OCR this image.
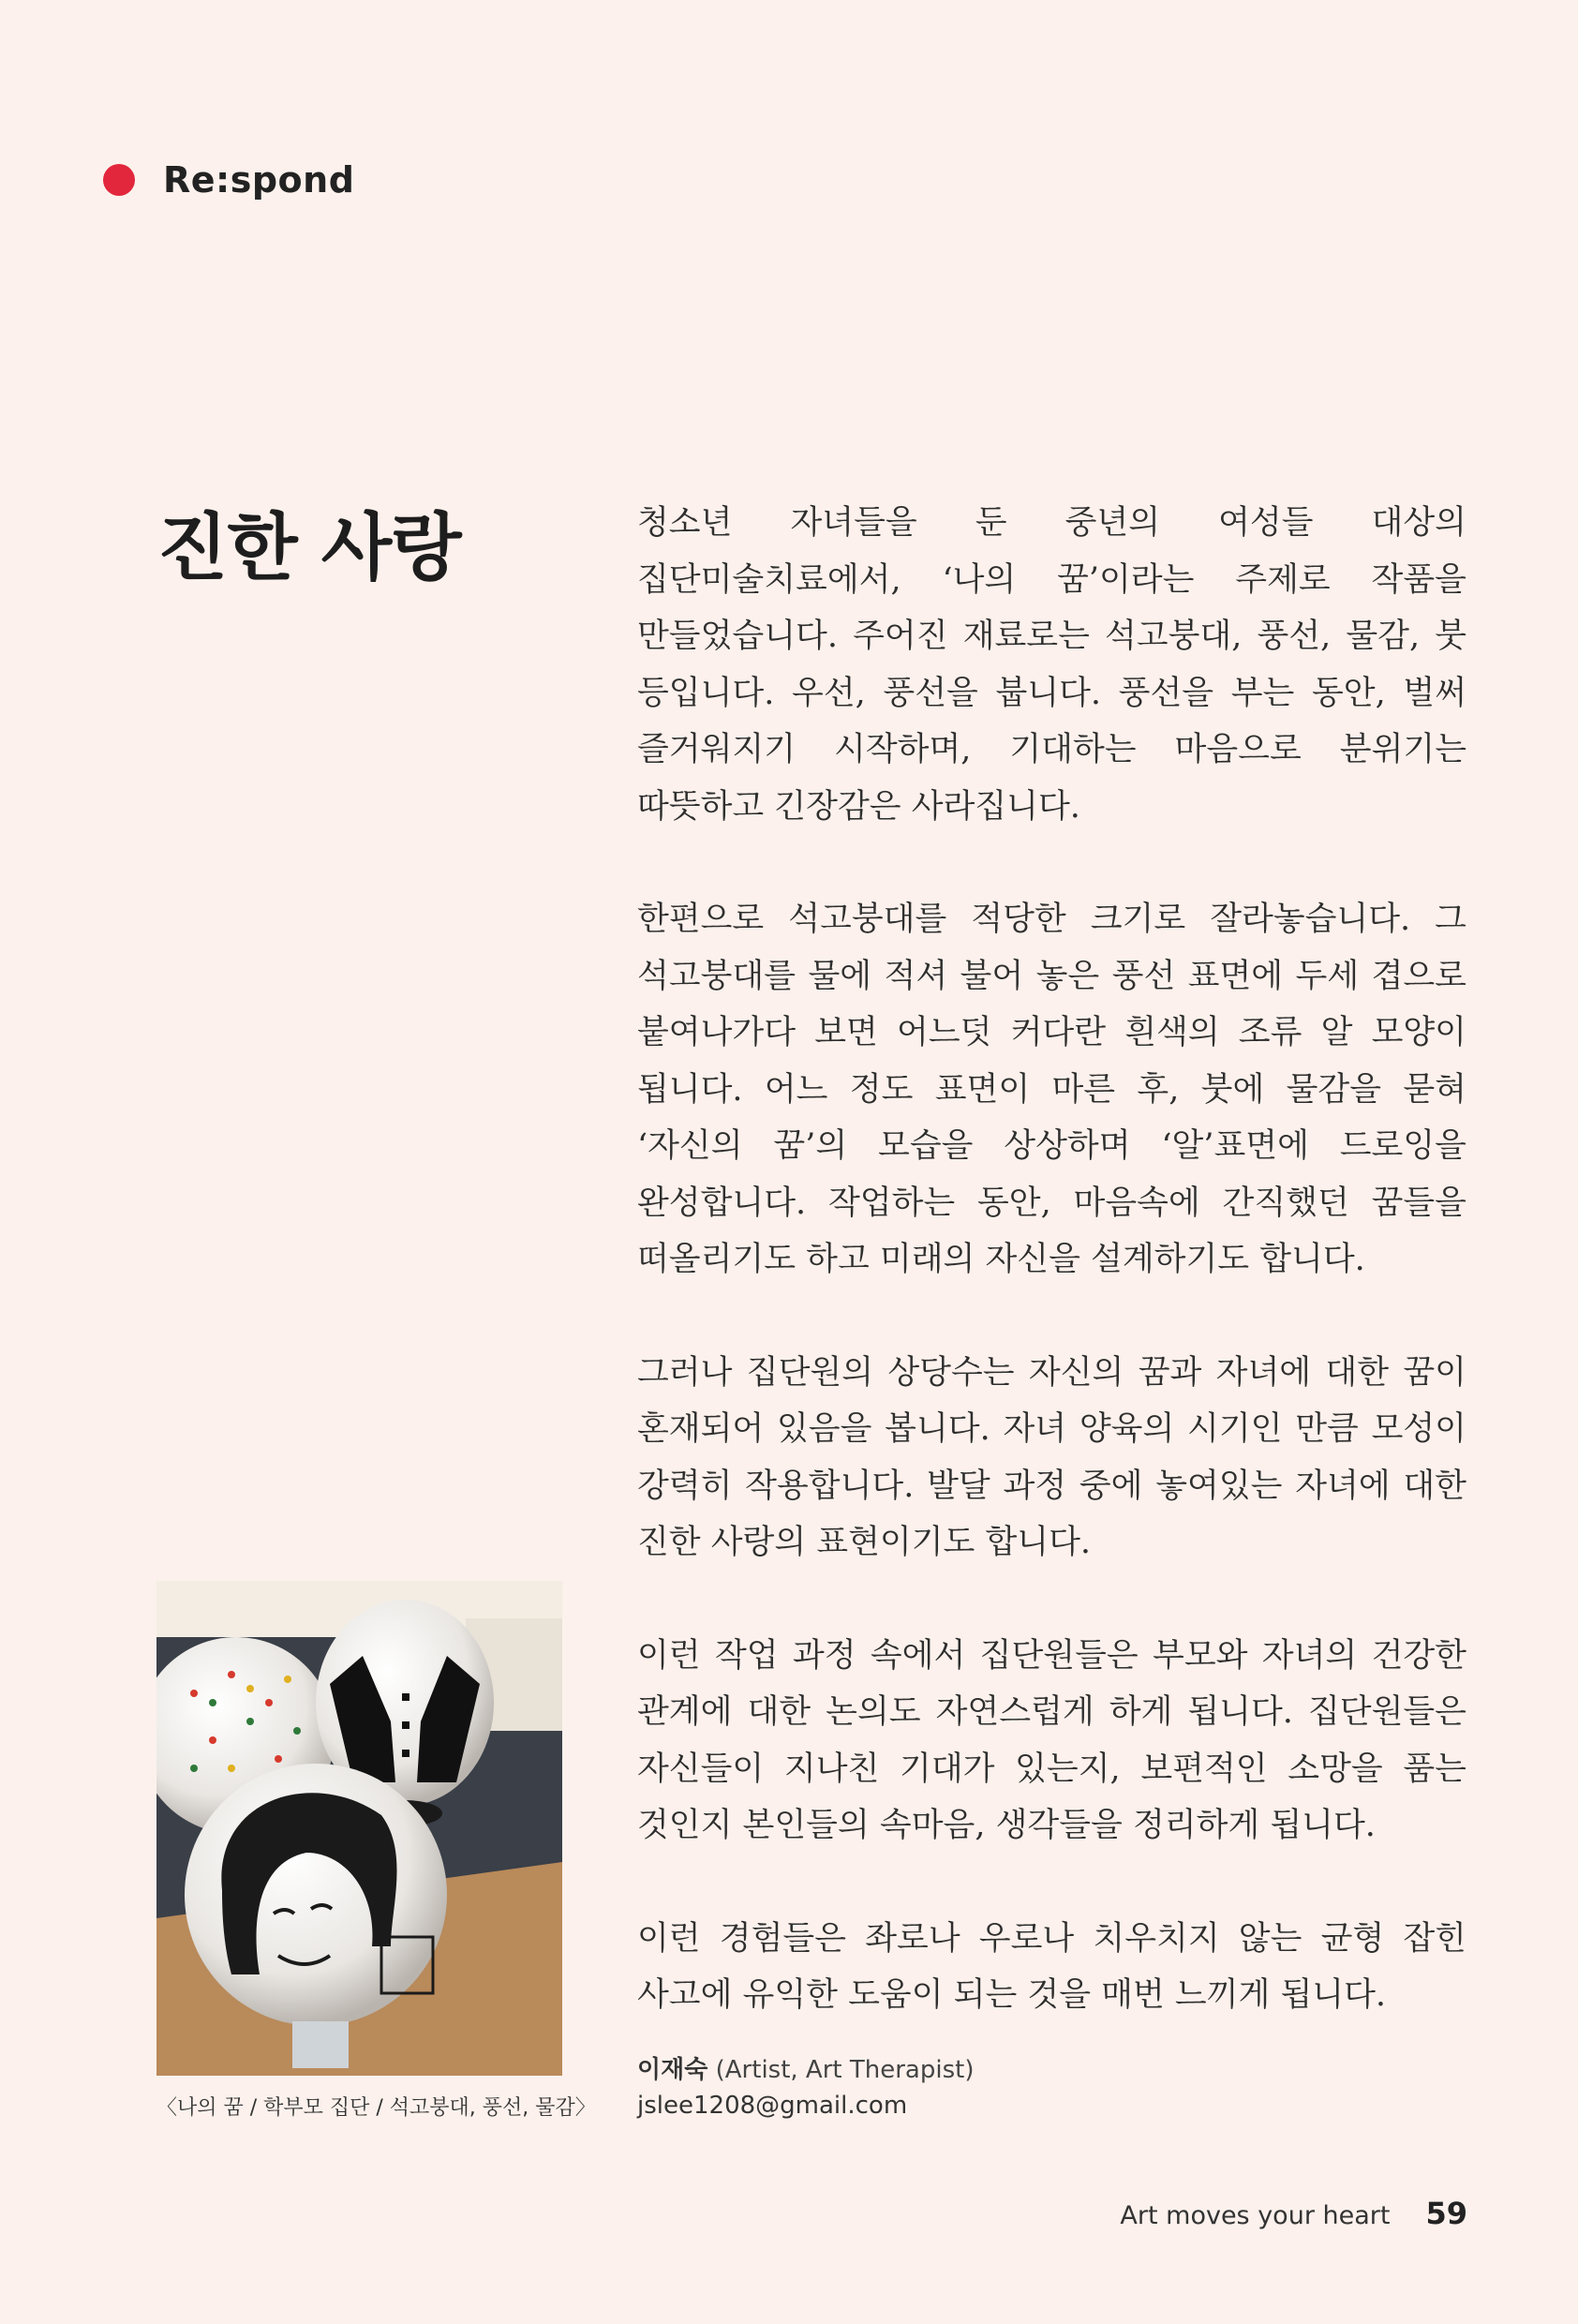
Re:spond
진한 사랑	청소년 자녀들을 둔 중년의 여성들 대상의 집단미술치료에서, ‘나의 꿈’이라는 주제로 작품을 만들었습니다. 주어진 재료로는 석고붕대, 풍선, 물감, 붓 등입니다. 우선, 풍선을 붑니다. 풍선을 부는 동안, 벌써 즐거워지기 시작하며, 기대하는 마음으로 분위기는 따뜻하고 긴장감은 사라집니다.

한편으로 석고붕대를 적당한 크기로 잘라놓습니다. 그 석고붕대를 물에 적셔 불어 놓은 풍선 표면에 두세 겹으로 붙여나가다 보면 어느덧 커다란 흰색의 조류 알 모양이 됩니다. 어느 정도 표면이 마른 후, 붓에 물감을 묻혀 ‘자신의 꿈’의 모습을 상상하며 ‘알’표면에 드로잉을 완성합니다. 작업하는 동안, 마음속에 간직했던 꿈들을 떠올리기도 하고 미래의 자신을 설계하기도 합니다.

그러나 집단원의 상당수는 자신의 꿈과 자녀에 대한 꿈이 혼재되어 있음을 봅니다. 자녀 양육의 시기인 만큼 모성이 강력히 작용합니다. 발달 과정 중에 놓여있는 자녀에 대한 진한 사랑의 표현이기도 합니다.

이런 작업 과정 속에서 집단원들은 부모와 자녀의 건강한 관계에 대한 논의도 자연스럽게 하게 됩니다. 집단원들은 자신들이 지나친 기대가 있는지, 보편적인 소망을 품는 것인지 본인들의 속마음, 생각들을 정리하게 됩니다.

이런 경험들은 좌로나 우로나 치우치지 않는 균형 잡힌 사고에 유익한 도움이 되는 것을 매번 느끼게 됩니다.

〈나의 꿈 / 학부모 집단 / 석고붕대, 풍선, 물감〉
이재숙 (Artist, Art Therapist)
jslee1208@gmail.com
Art moves your heart 59
